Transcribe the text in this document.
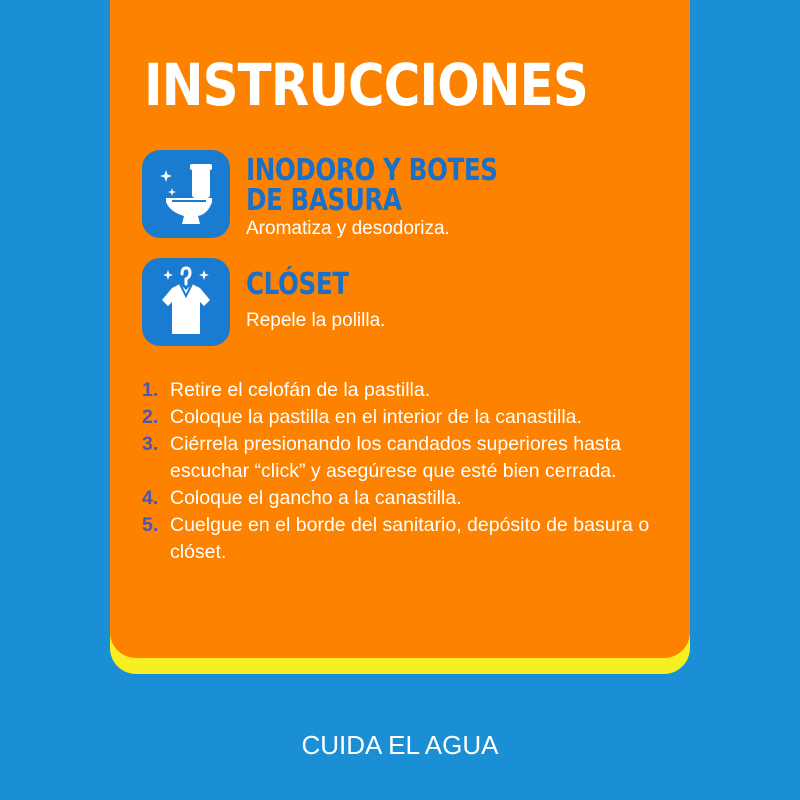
INSTRUCCIONES
INODORO Y BOTES
DE BASURA

Aromatiza y desodoriza.

CLÓSET

Repele la polilla.

1. Retire el celofán de la pastilla.
2. Coloque la pastilla en el interior de la canastilla.
3. Ciérrela presionando los candados superiores hasta escuchar “click” y asegúrese que esté bien cerrada.
4. Coloque el gancho a la canastilla.
5. Cuelgue en el borde del sanitario, depósito de basura o clóset.

CUIDA EL AGUA
